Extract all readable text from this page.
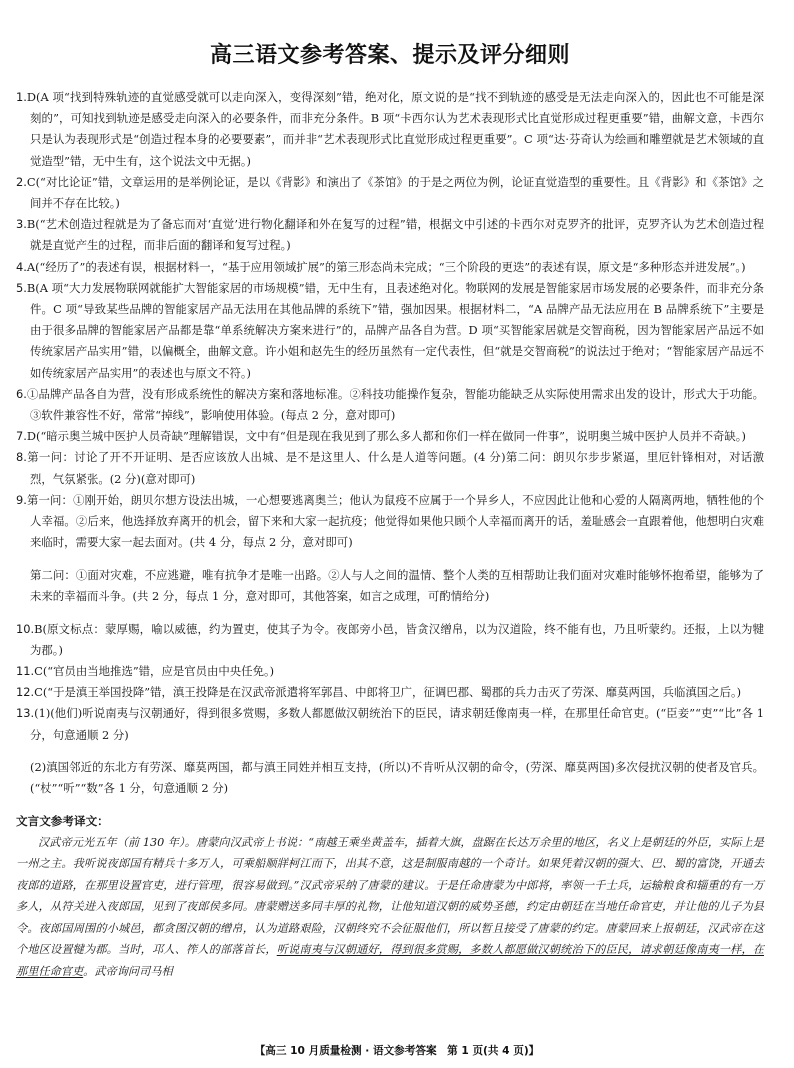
高三语文参考答案、提示及评分细则

1.D(A 项“找到特殊轨迹的直觉感受就可以走向深入，变得深刻”错，绝对化，原文说的是“找不到轨迹的感受是无法走向深入的，因此也不可能是深刻的”，可知找到轨迹是感受走向深入的必要条件，而非充分条件。B 项“卡西尔认为艺术表现形式比直觉形成过程更重要”错，曲解文意，卡西尔只是认为表现形式是“创造过程本身的必要要素”，而并非“艺术表现形式比直觉形成过程更重要”。C 项“达·芬奇认为绘画和雕塑就是艺术领域的直觉造型”错，无中生有，这个说法文中无据。)

2.C(“对比论证”错，文章运用的是举例论证，是以《背影》和演出了《茶馆》的于是之两位为例，论证直觉造型的重要性。且《背影》和《茶馆》之间并不存在比较。)

3.B(“艺术创造过程就是为了备忘而对‘直觉’进行物化翻译和外在复写的过程”错，根据文中引述的卡西尔对克罗齐的批评，克罗齐认为艺术创造过程就是直觉产生的过程，而非后面的翻译和复写过程。)

4.A(“经历了”的表述有误，根据材料一，“基于应用领域扩展”的第三形态尚未完成；“三个阶段的更迭”的表述有误，原文是“多种形态并进发展”。)

5.B(A 项“大力发展物联网就能扩大智能家居的市场规模”错，无中生有，且表述绝对化。物联网的发展是智能家居市场发展的必要条件，而非充分条件。C 项“导致某些品牌的智能家居产品无法用在其他品牌的系统下”错，强加因果。根据材料二，“A 品牌产品无法应用在 B 品牌系统下”主要是由于很多品牌的智能家居产品都是靠“单系统解决方案来进行”的，品牌产品各自为营。D 项“买智能家居就是交智商税，因为智能家居产品远不如传统家居产品实用”错，以偏概全，曲解文意。许小姐和赵先生的经历虽然有一定代表性，但“就是交智商税”的说法过于绝对；“智能家居产品远不如传统家居产品实用”的表述也与原文不符。)

6.①品牌产品各自为营，没有形成系统性的解决方案和落地标准。②科技功能操作复杂，智能功能缺乏从实际使用需求出发的设计，形式大于功能。③软件兼容性不好，常常“掉线”，影响使用体验。(每点 2 分，意对即可)

7.D(“暗示奥兰城中医护人员奇缺”理解错误，文中有“但是现在我见到了那么多人都和你们一样在做同一件事”，说明奥兰城中医护人员并不奇缺。)

8.第一问：讨论了开不开证明、是否应该放人出城、是不是这里人、什么是人道等问题。(4 分)第二问：朗贝尔步步紧逼，里厄针锋相对，对话激烈，气氛紧张。(2 分)(意对即可)

9.第一问：①刚开始，朗贝尔想方设法出城，一心想要逃离奥兰；他认为鼠疫不应属于一个异乡人，不应因此让他和心爱的人隔离两地，牺牲他的个人幸福。②后来，他选择放弃离开的机会，留下来和大家一起抗疫；他觉得如果他只顾个人幸福而离开的话，羞耻感会一直跟着他，他想明白灾难来临时，需要大家一起去面对。(共 4 分，每点 2 分，意对即可)

第二问：①面对灾难，不应逃避，唯有抗争才是唯一出路。②人与人之间的温情、整个人类的互相帮助让我们面对灾难时能够怀抱希望，能够为了未来的幸福而斗争。(共 2 分，每点 1 分，意对即可，其他答案，如言之成理，可酌情给分)

10.B(原文标点：蒙厚赐，喻以威德，约为置吏，使其子为令。夜郎旁小邑，皆贪汉缯帛，以为汉道险，终不能有也，乃且听蒙约。还报，上以为犍为郡。)

11.C(“官员由当地推选”错，应是官员由中央任免。)

12.C(“于是滇王举国投降”错，滇王投降是在汉武帝派遣将军郭昌、中郎将卫广，征调巴郡、蜀郡的兵力击灭了劳深、靡莫两国，兵临滇国之后。)

13.(1)(他们)听说南夷与汉朝通好，得到很多赏赐，多数人都愿做汉朝统治下的臣民，请求朝廷像南夷一样，在那里任命官吏。(“臣妾”“吏”“比”各 1 分，句意通顺 2 分)

(2)滇国邻近的东北方有劳深、靡莫两国，都与滇王同姓并相互支持，(所以)不肯听从汉朝的命令，(劳深、靡莫两国)多次侵扰汉朝的使者及官兵。(“杖”“听”“数”各 1 分，句意通顺 2 分)

文言文参考译文：

汉武帝元光五年（前 130 年）。唐蒙向汉武帝上书说：“南越王乘坐黄盖车，插着大旗，盘踞在长达万余里的地区，名义上是朝廷的外臣，实际上是一州之主。我听说夜郎国有精兵十多万人，可乘船顺牂柯江而下，出其不意，这是制服南越的一个奇计。如果凭着汉朝的强大、巴、蜀的富饶，开通去夜郎的道路，在那里设置官吏，进行管理，很容易做到。”汉武帝采纳了唐蒙的建议。于是任命唐蒙为中郎将，率领一千士兵，运输粮食和辎重的有一万多人，从符关进入夜郎国，见到了夜郎侯多同。唐蒙赠送多同丰厚的礼物，让他知道汉朝的威势圣德，约定由朝廷在当地任命官吏，并让他的儿子为县令。夜郎国周围的小城邑，都贪图汉朝的缯帛，认为道路艰险，汉朝终究不会征服他们，所以暂且接受了唐蒙的约定。唐蒙回来上报朝廷，汉武帝在这个地区设置犍为郡。当时，邛人、筰人的部落首长，听说南夷与汉朝通好，得到很多赏赐，多数人都愿做汉朝统治下的臣民，请求朝廷像南夷一样，在那里任命官吏。武帝询问司马相

【高三 10 月质量检测 · 语文参考答案　第 1 页(共 4 页)】
